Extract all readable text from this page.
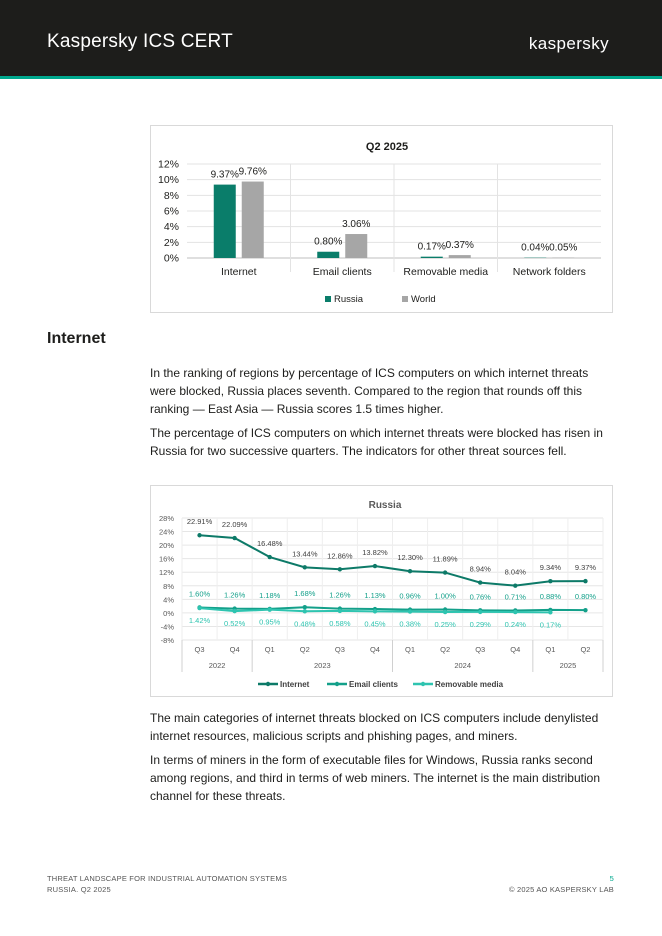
Kaspersky ICS CERT	kaspersky
Q2 2025
12%
10%
8%
6%
4%
2%
0%
9.37% 9.76%
0.80%
3.06%
0.17% 0.37%	0.04% 0.05%
Internet	Email clients	Removable media Network folders
Russia	World
Internet

In the ranking of regions by percentage of ICS computers on which internet threats were blocked, Russia places seventh. Compared to the region that rounds off this ranking — East Asia — Russia scores 1.5 times higher.

The percentage of ICS computers on which internet threats were blocked has risen in Russia for two successive quarters. The indicators for other threat sources fell.

Russia
28%
24%
20%
16%
12%
8%
4%
0%
-4%
-8%
Q3	Q4	Q1	Q2	Q3	Q4	Q1	Q2	Q3	Q4	Q1	Q2
2022	2023	2024	2025
22.91% 22.09%
16.48%
13.44% 12.86% 13.82%
12.30% 11.89%
8.94% 8.04% 9.34% 9.37%
1.60% 1.26% 1.18% 1.68% 1.26% 1.13% 0.96% 1.00% 0.76% 0.71% 0.88% 0.80%
1.42% 0.52% 0.95% 0.48% 0.58% 0.45% 0.38% 0.25% 0.29% 0.24% 0.17%
Internet	Email clients	Removable media

The main categories of internet threats blocked on ICS computers include denylisted internet resources, malicious scripts and phishing pages, and miners.

In terms of miners in the form of executable files for Windows, Russia ranks second among regions, and third in terms of web miners. The internet is the main distribution channel for these threats.

THREAT LANDSCAPE FOR INDUSTRIAL AUTOMATION SYSTEMS
RUSSIA. Q2 2025
5
© 2025 AO KASPERSKY LAB
